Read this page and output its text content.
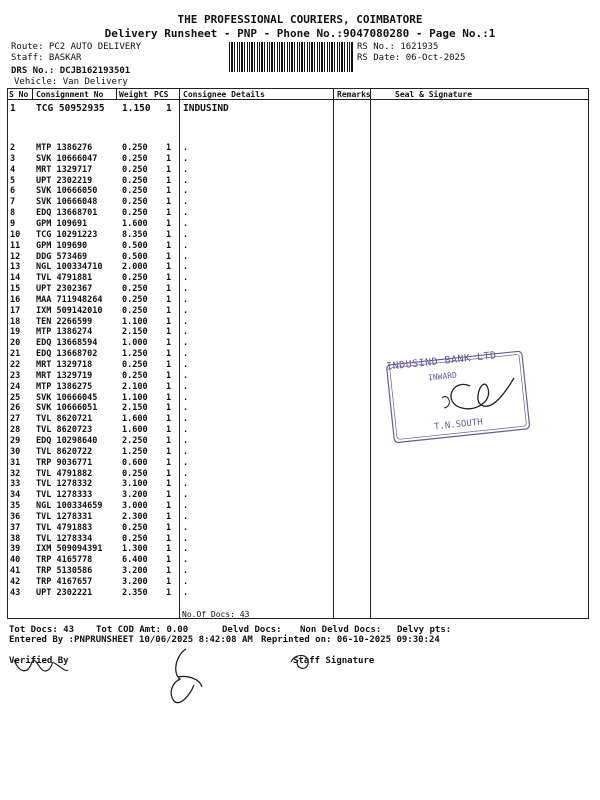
THE PROFESSIONAL COURIERS, COIMBATORE
Delivery Runsheet - PNP - Phone No.:9047080280 - Page No.:1
Route: PC2 AUTO DELIVERY
Staff: BASKAR
DRS No.: DCJB162193501
Vehicle: Van Delivery
RS No.: 1621935
RS Date: 06-Oct-2025
S No Consignment No Weight PCS Consignee Details	Remarks	Seal & Signature
1 TCG 50952935 1.150 1 INDUSIND
2 MTP 1386276	0.250 1 .
3 SVK 10666047	0.250 1 .
4 MRT 1329717	0.250 1 .
5 UPT 2302219	0.250 1 .
6 SVK 10666050	0.250 1 .
7 SVK 10666048	0.250 1 .
8 EDQ 13668701	0.250 1 .
9 GPM 109691	1.600 1 .
10 TCG 10291223	8.350 1 .
11 GPM 109690	0.500 1 .
12 DDG 573469	0.500 1 .
13 NGL 100334710 2.000 1 .
14 TVL 4791881	0.250 1 .
15 UPT 2302367	0.250 1 .
16 MAA 711948264 0.250 1 .
17 IXM 509142010 0.250 1 .
18 TEN 2266599	1.100 1 .
19 MTP 1386274	2.150 1 .
20 EDQ 13668594	1.000 1 .
21 EDQ 13668702	1.250 1 .
22 MRT 1329718	0.250 1 .
23 MRT 1329719	0.250 1 .
24 MTP 1386275	2.100 1 .
25 SVK 10666045	1.100 1 .
26 SVK 10666051	2.150 1 .
27 TVL 8620721	1.600 1 .
28 TVL 8620723	1.600 1 .
29 EDQ 10298640	2.250 1 .
30 TVL 8620722	1.250 1 .
31 TRP 9036771	0.600 1 .
32 TVL 4791882	0.250 1 .
33 TVL 1278332	3.100 1 .
34 TVL 1278333	3.200 1 .
35 NGL 100334659 3.000 1 .
36 TVL 1278331	2.300 1 .
37 TVL 4791883	0.250 1 .
38 TVL 1278334	0.250 1 .
39 IXM 509094391 1.300 1 .
40 TRP 4165778	6.400 1 .
41 TRP 5130586	3.200 1 .
42 TRP 4167657	3.200 1 .
43 UPT 2302221	2.350 1 .
No.Of Docs: 43
INDUSIND BANK LTD
INWARD
T.N.SOUTH
Tot Docs: 43 Tot COD Amt: 0.00	Delvd Docs: Non Delvd Docs: Delvy pts:
Entered By :PNPRUNSHEET 10/06/2025 8:42:08 AM Reprinted on: 06-10-2025 09:30:24
Verified By	Staff Signature
